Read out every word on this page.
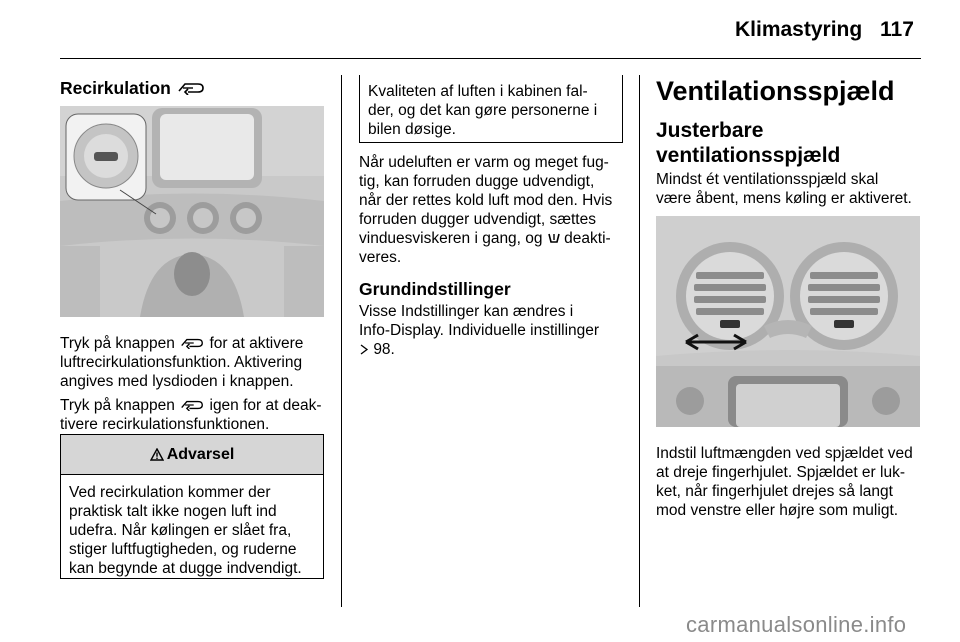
Klimastyring 117
Recirkulation
Tryk på knappen  for at aktivere
luftrecirkulationsfunktion. Aktivering
angives med lysdioden i knappen.
Tryk på knappen  igen for at deak-
tivere recirkulationsfunktionen.
Advarsel
Ved recirkulation kommer der
praktisk talt ikke nogen luft ind
udefra. Når kølingen er slået fra,
stiger luftfugtigheden, og ruderne
kan begynde at dugge indvendigt.
Kvaliteten af luften i kabinen fal-
der, og det kan gøre personerne i
bilen døsige.
Når udeluften er varm og meget fug-
tig, kan forruden dugge udvendigt,
når der rettes kold luft mod den. Hvis
forruden dugger udvendigt, sættes
vinduesviskeren i gang, og  deakti-
veres.
Grundindstillinger
Visse Indstillinger kan ændres i
Info-Display. Individuelle instillinger
98.
Ventilationsspjæld
Justerbare
ventilationsspjæld
Mindst ét ventilationsspjæld skal
være åbent, mens køling er aktiveret.
Indstil luftmængden ved spjældet ved
at dreje fingerhjulet. Spjældet er luk-
ket, når fingerhjulet drejes så langt
mod venstre eller højre som muligt.
carmanualsonline.info
